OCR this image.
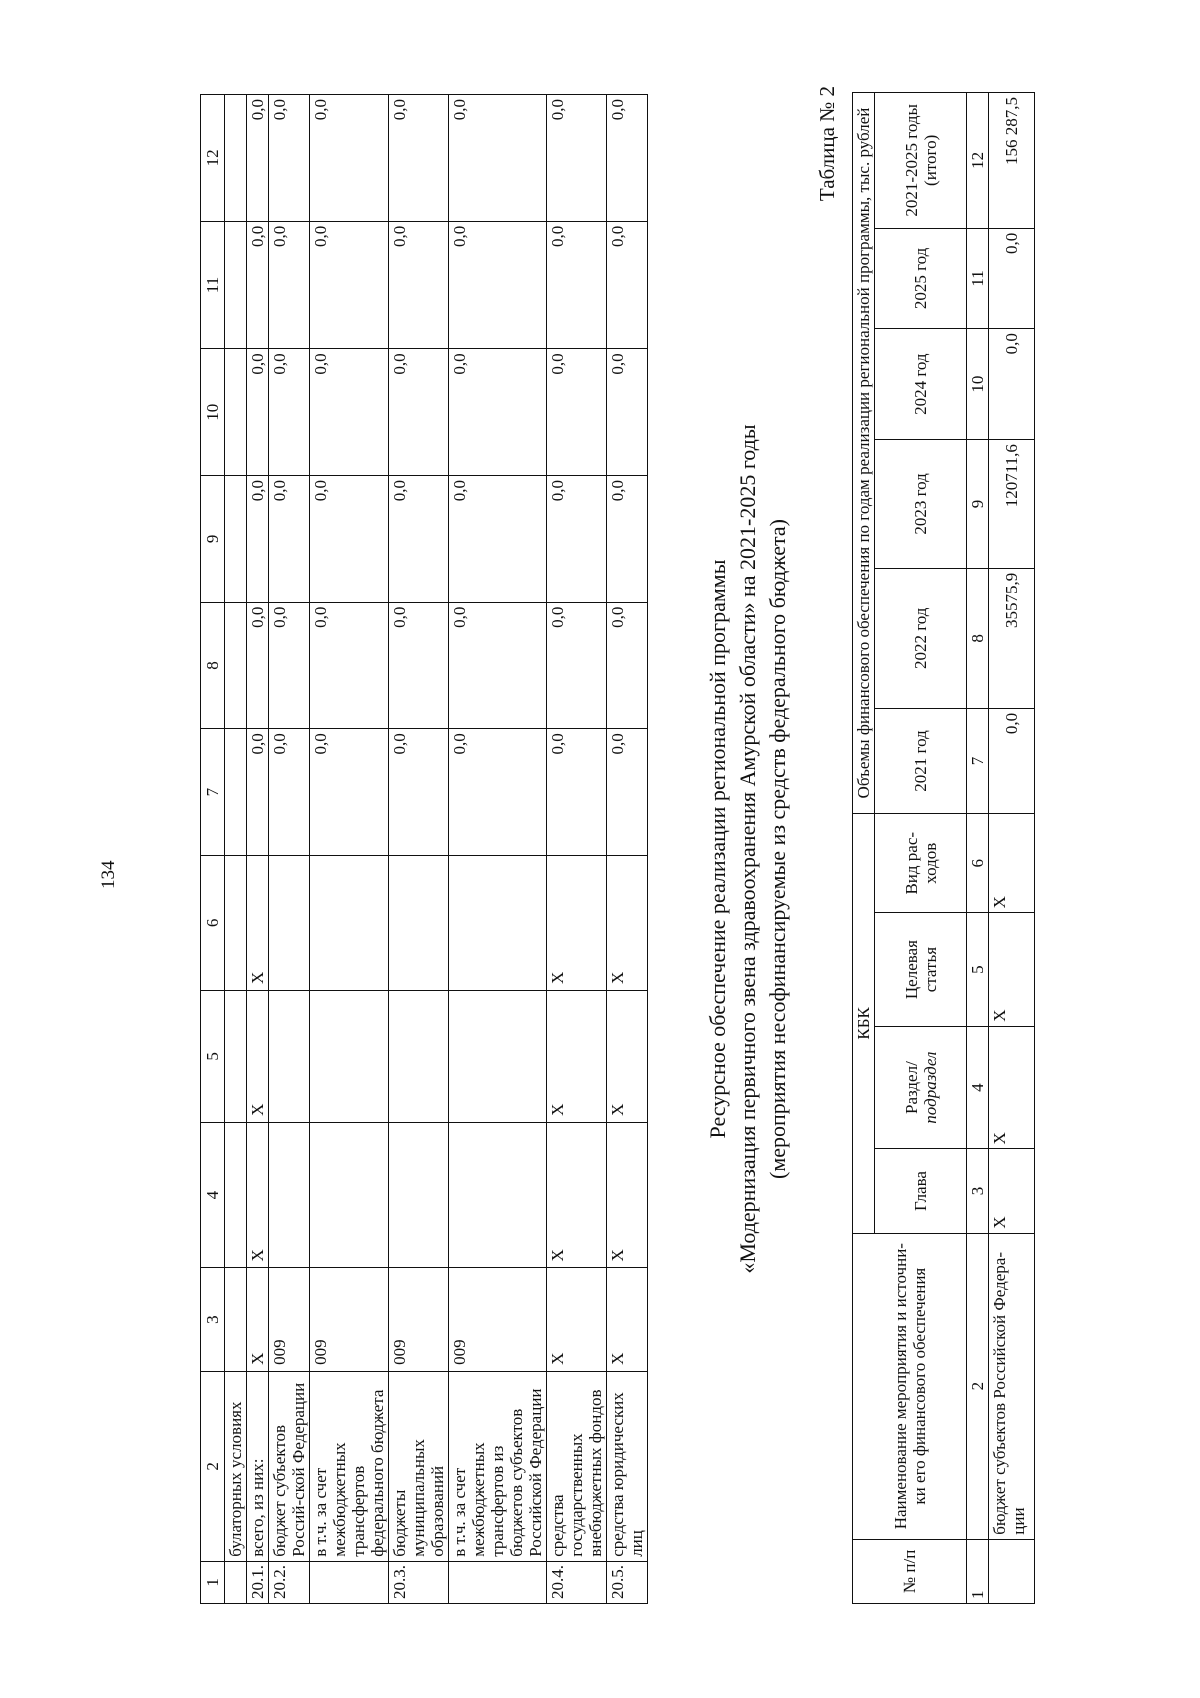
134
1	2	3	4	5	6	7	8	9	10	11	12
	булаторных условиях										
20.1.	всего, из них:	X	X	X	X	0,0	0,0	0,0	0,0	0,0	0,0
20.2.	бюджет субъектов Россий-ской Федерации	009				0,0	0,0	0,0	0,0	0,0	0,0
	в т.ч. за счет межбюджетных трансфертов федерального бюджета	009				0,0	0,0	0,0	0,0	0,0	0,0
20.3.	бюджеты муниципальных образований	009				0,0	0,0	0,0	0,0	0,0	0,0
	в т.ч. за счет межбюджетных трансфертов из бюджетов субъектов Российской Федерации	009				0,0	0,0	0,0	0,0	0,0	0,0
20.4.	средства государственных внебюджетных фондов	X	X	X	X	0,0	0,0	0,0	0,0	0,0	0,0
20.5.	средства юридических лиц	X	X	X	X	0,0	0,0	0,0	0,0	0,0	0,0
Ресурсное обеспечение реализации региональной программы «Модернизация первичного звена здравоохранения Амурской области» на 2021-2025 годы (мероприятия несофинансируемые из средств федерального бюджета)
Таблица № 2
№ п/п	Наименование мероприятия и источни-ки его финансового обеспечения	КБК				Объемы финансового обеспечения по годам реализации региональной программы, тыс. рублей					
		Глава	Раздел/ подраздел	Целевая статья	Вид рас-ходов	2021 год	2022 год	2023 год	2024 год	2025 год	2021-2025 годы (итого)
1	2	3	4	5	6	7	8	9	10	11	12
	бюджет субъектов Российской Федера-ции	X	X	X	X	0,0	35575,9	120711,6	0,0	0,0	156 287,5
